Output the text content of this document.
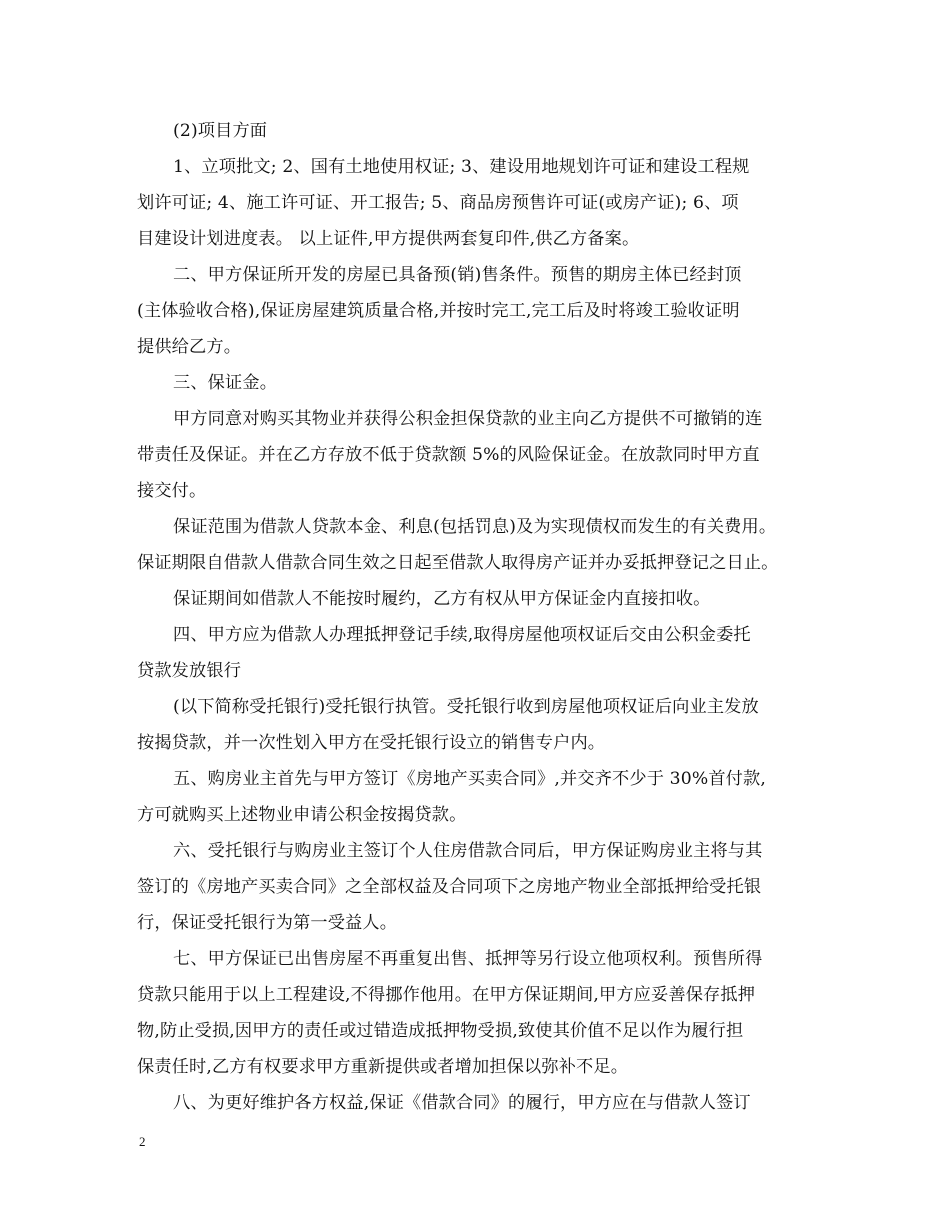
(2)项目方面
1、立项批文; 2、国有土地使用权证; 3、建设用地规划许可证和建设工程规
划许可证; 4、施工许可证、开工报告; 5、商品房预售许可证(或房产证); 6、项
目建设计划进度表。 以上证件,甲方提供两套复印件,供乙方备案。
二、甲方保证所开发的房屋已具备预(销)售条件。预售的期房主体已经封顶
(主体验收合格),保证房屋建筑质量合格,并按时完工,完工后及时将竣工验收证明
提供给乙方。
三、保证金。
甲方同意对购买其物业并获得公积金担保贷款的业主向乙方提供不可撤销的连
带责任及保证。并在乙方存放不低于贷款额 5%的风险保证金。在放款同时甲方直
接交付。
保证范围为借款人贷款本金、利息(包括罚息)及为实现债权而发生的有关费用。
保证期限自借款人借款合同生效之日起至借款人取得房产证并办妥抵押登记之日止。
保证期间如借款人不能按时履约，乙方有权从甲方保证金内直接扣收。
四、甲方应为借款人办理抵押登记手续,取得房屋他项权证后交由公积金委托
贷款发放银行
(以下简称受托银行)受托银行执管。受托银行收到房屋他项权证后向业主发放
按揭贷款，并一次性划入甲方在受托银行设立的销售专户内。
五、购房业主首先与甲方签订《房地产买卖合同》,并交齐不少于 30%首付款,
方可就购买上述物业申请公积金按揭贷款。
六、受托银行与购房业主签订个人住房借款合同后，甲方保证购房业主将与其
签订的《房地产买卖合同》之全部权益及合同项下之房地产物业全部抵押给受托银
行，保证受托银行为第一受益人。
七、甲方保证已出售房屋不再重复出售、抵押等另行设立他项权利。预售所得
贷款只能用于以上工程建设,不得挪作他用。在甲方保证期间,甲方应妥善保存抵押
物,防止受损,因甲方的责任或过错造成抵押物受损,致使其价值不足以作为履行担
保责任时,乙方有权要求甲方重新提供或者增加担保以弥补不足。
八、为更好维护各方权益,保证《借款合同》的履行，甲方应在与借款人签订
2
